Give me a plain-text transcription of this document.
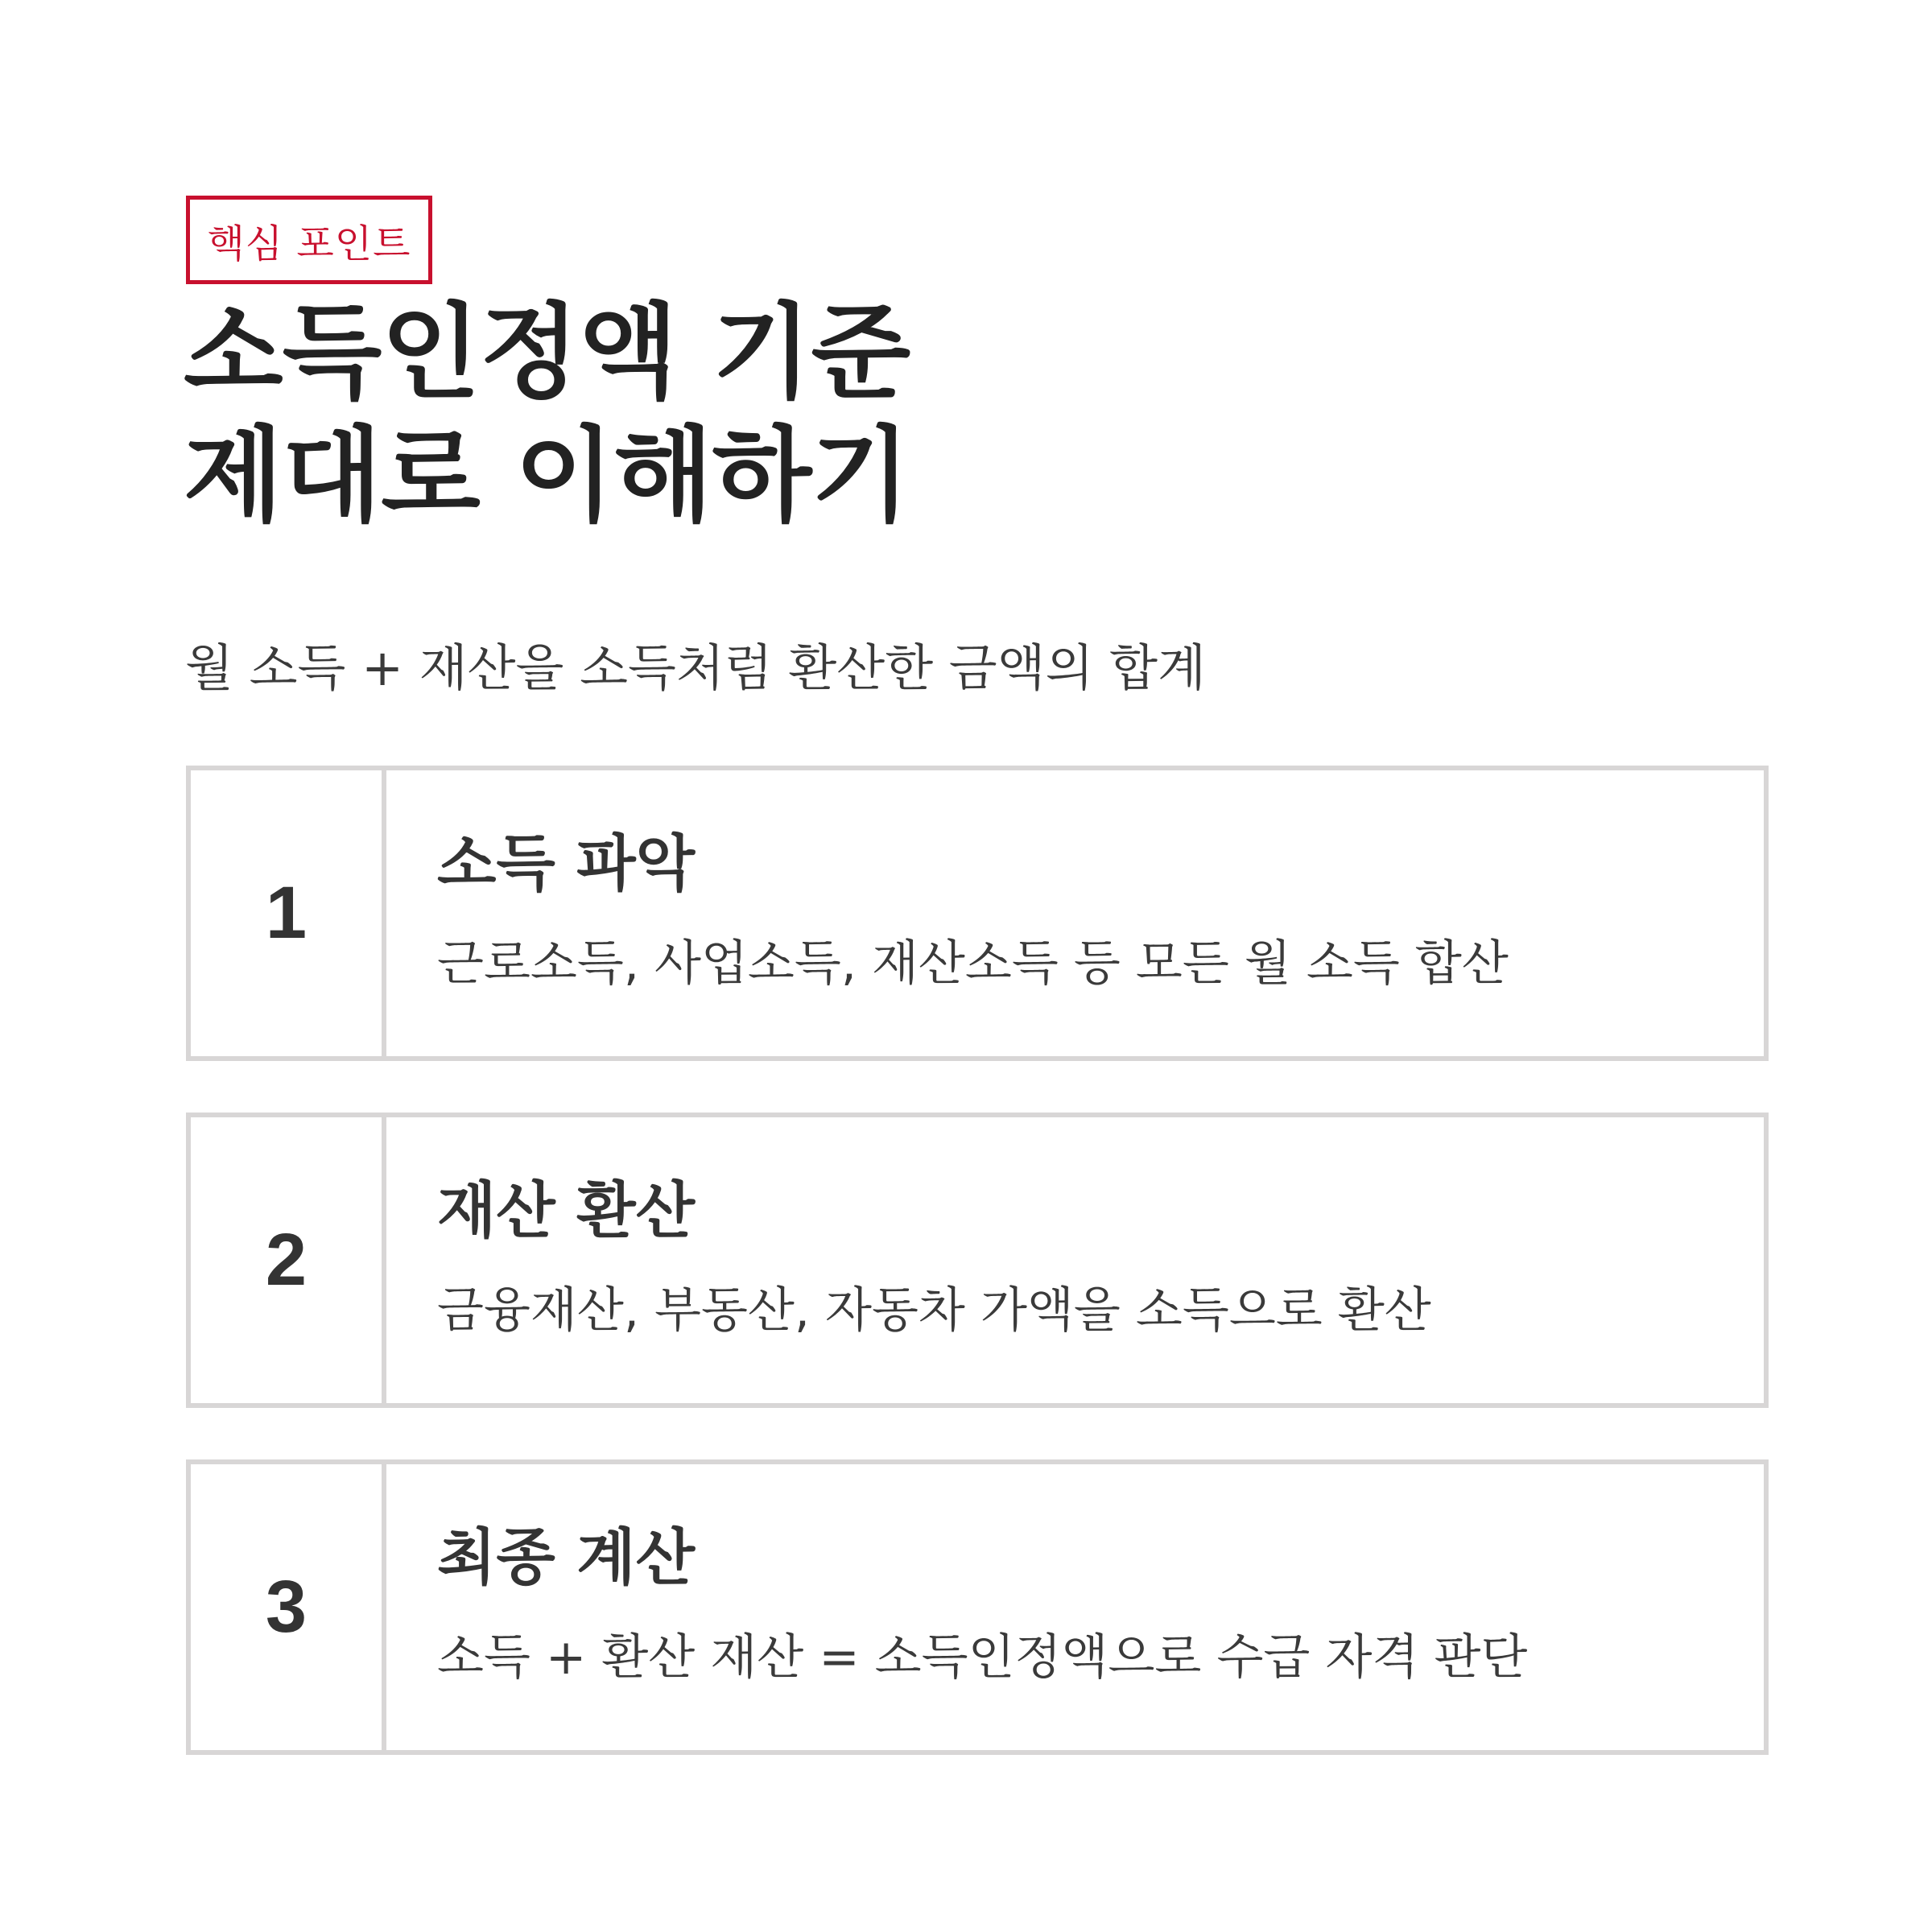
핵심 포인트
소득인정액 기준
제대로 이해하기
월 소득 + 재산을 소득처럼 환산한 금액의 합계
1
소득 파악
근로소득, 사업소득, 재산소득 등 모든 월 소득 합산
2
재산 환산
금융재산, 부동산, 자동차 가액을 소득으로 환산
3
최종 계산
소득 + 환산 재산 = 소득인정액으로 수급 자격 판단
